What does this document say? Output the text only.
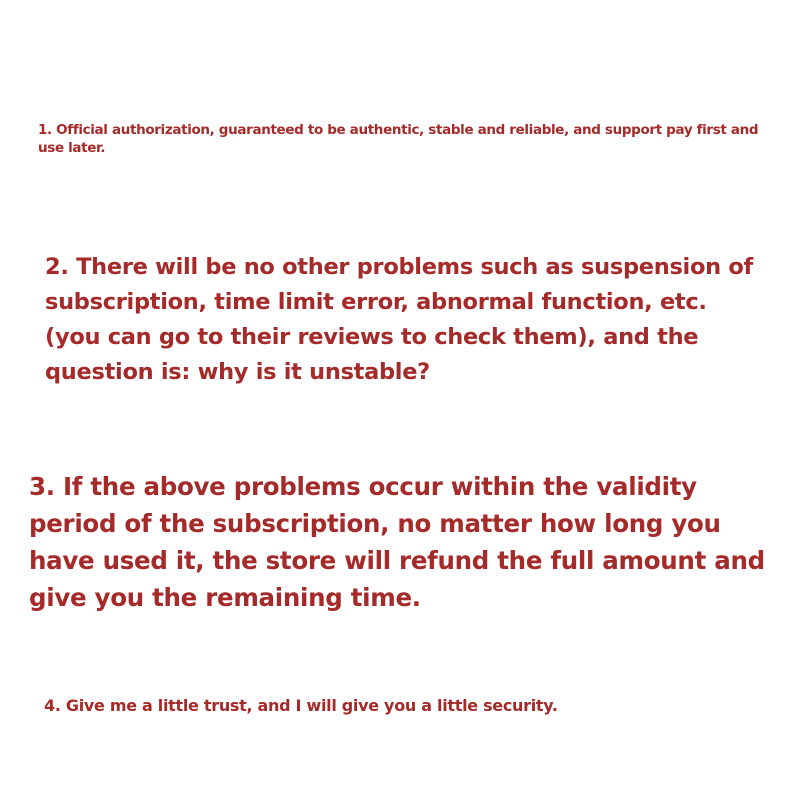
1. Official authorization, guaranteed to be authentic, stable and reliable, and support pay first and use later.

2. There will be no other problems such as suspension of subscription, time limit error, abnormal function, etc. (you can go to their reviews to check them), and the question is: why is it unstable?

3. If the above problems occur within the validity period of the subscription, no matter how long you have used it, the store will refund the full amount and give you the remaining time.

4. Give me a little trust, and I will give you a little security.
